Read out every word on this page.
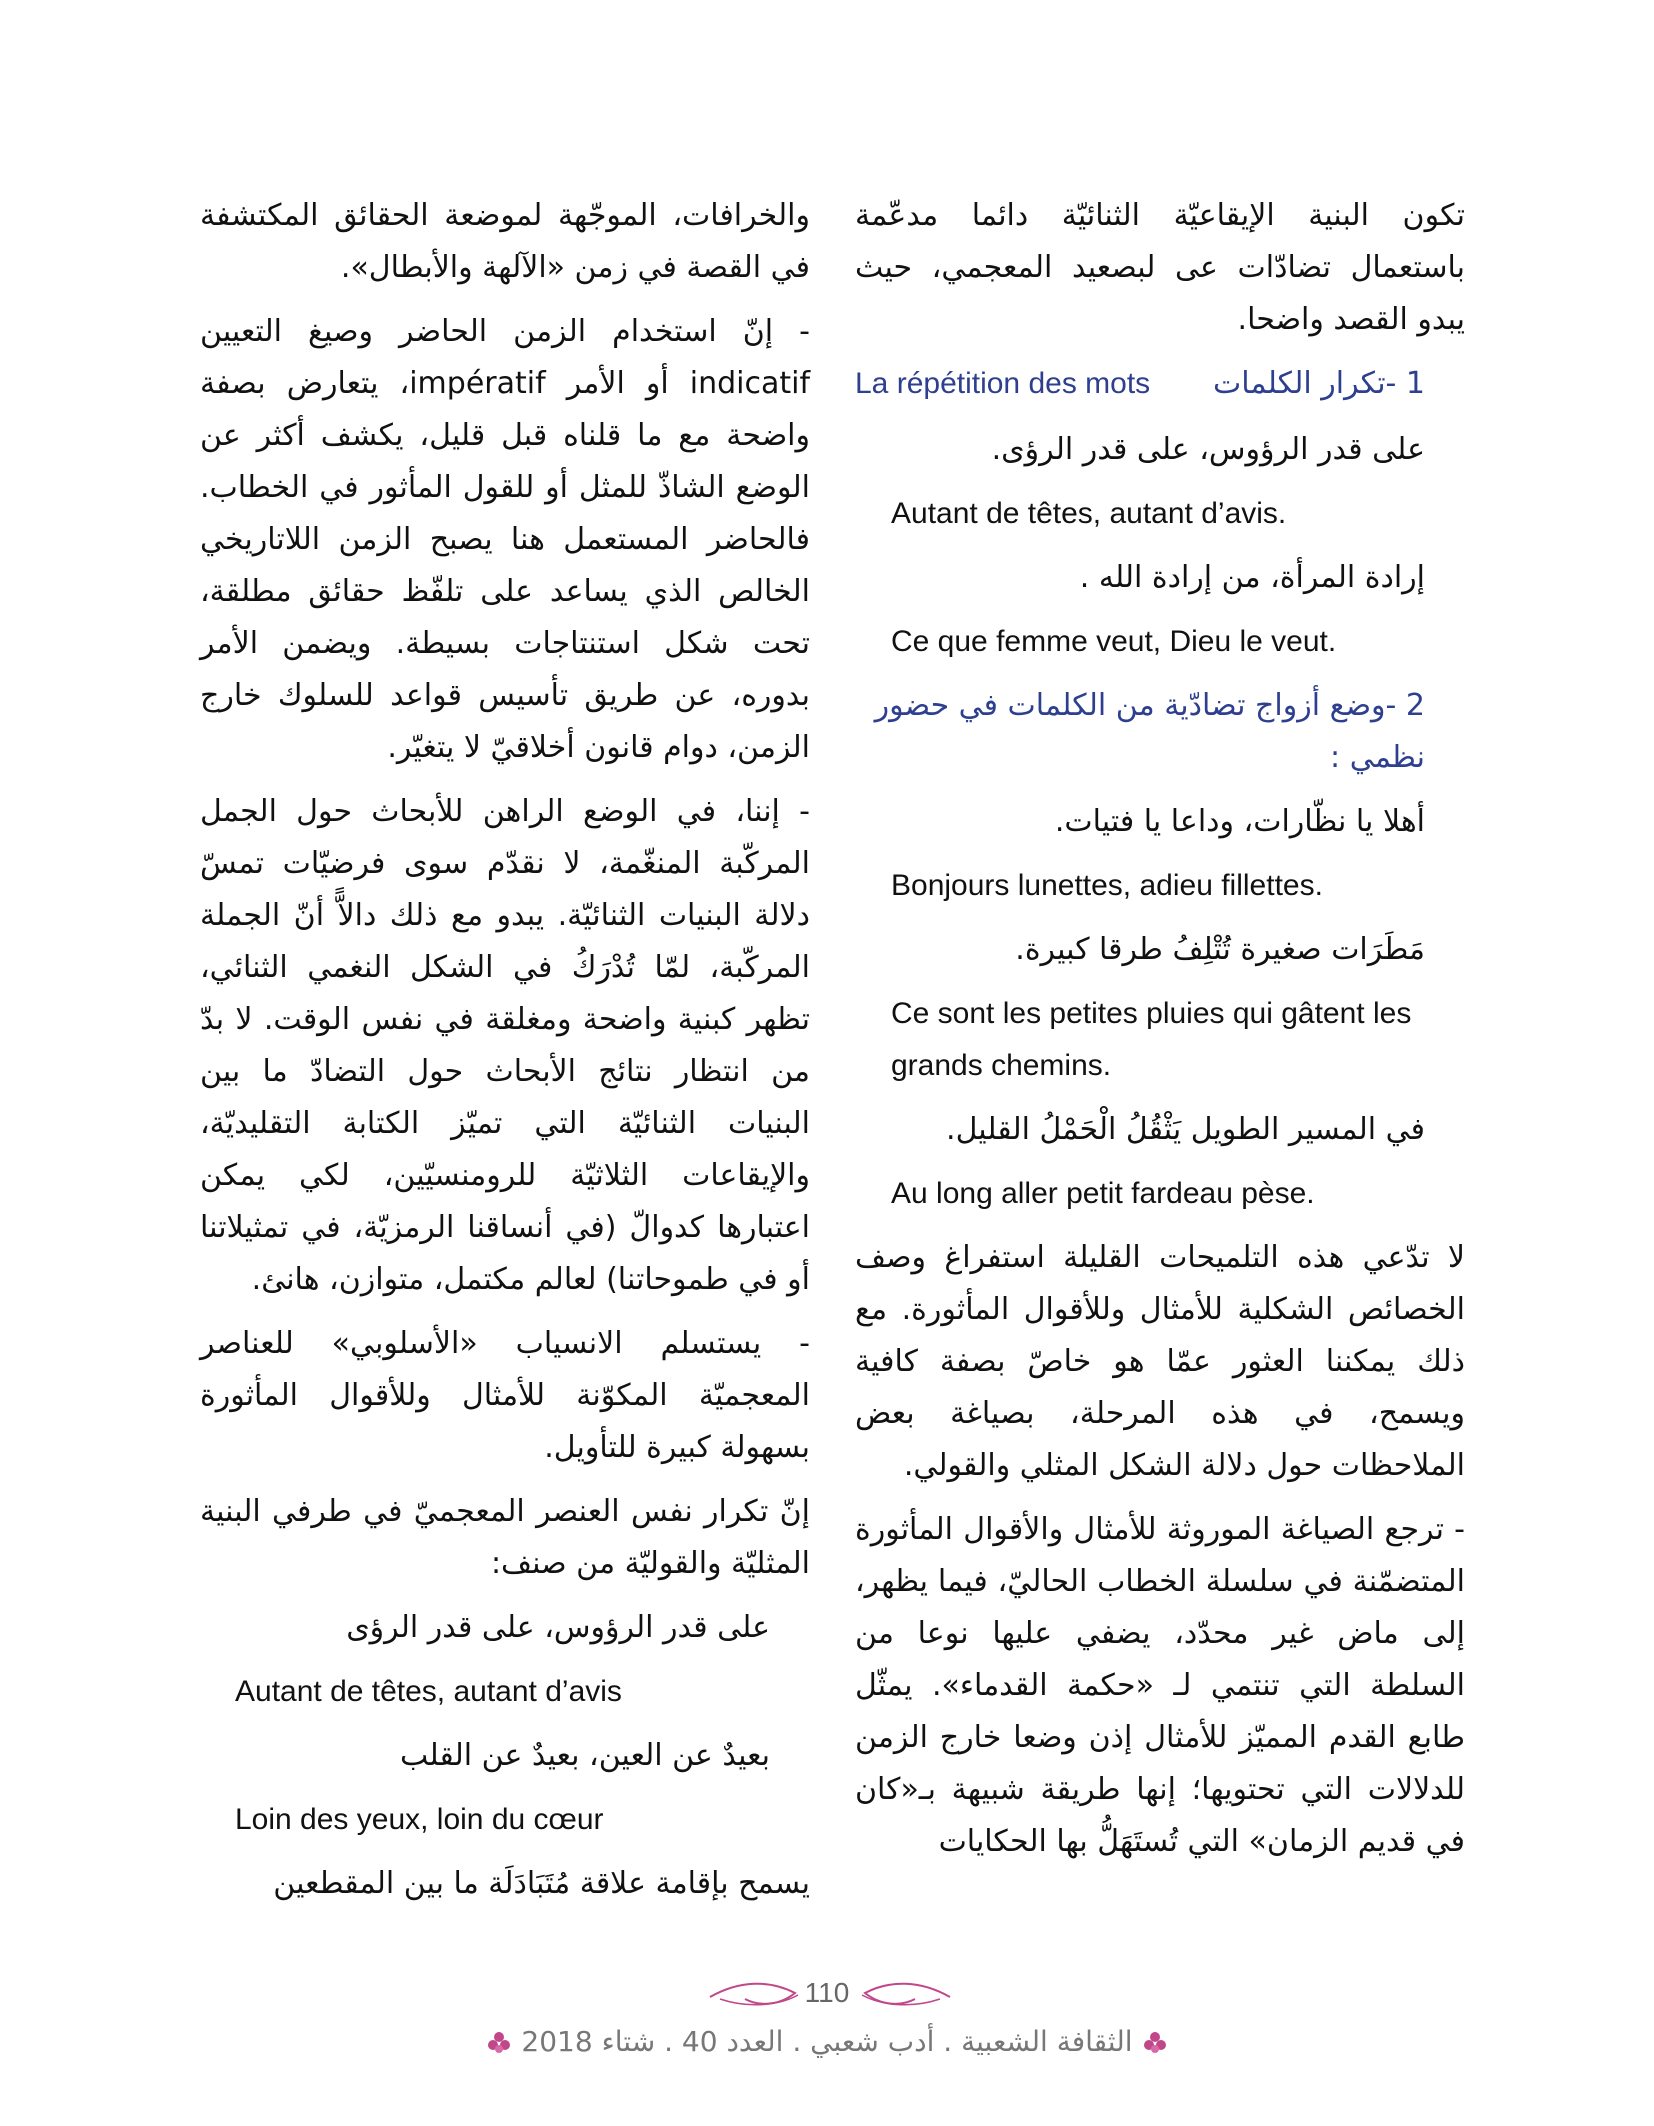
تكون البنية الإيقاعيّة الثنائيّة دائما مدعّمة باستعمال تضادّات عى لبصعيد المعجمي، حيث يبدو القصد واضحا.

1 -تكرار الكلمات
La répétition des mots

على قدر الرؤوس، على قدر الرؤى.

Autant de têtes, autant d’avis.

إرادة المرأة، من إرادة الله .

Ce que femme veut, Dieu le veut.

2 -وضع أزواج تضادّية من الكلمات في حضور نظمي :

أهلا يا نظّارات، وداعا يا فتيات.

Bonjours lunettes, adieu fillettes.

مَطَرَات صغيرة تُتْلِفُ طرقا كبيرة.

Ce sont les petites pluies qui gâtent les grands chemins.

في المسير الطويل يَثْقُلُ الْحَمْلُ القليل.

Au long aller petit fardeau pèse.

لا تدّعي هذه التلميحات القليلة استفراغ وصف الخصائص الشكلية للأمثال وللأقوال المأثورة. مع ذلك يمكننا العثور عمّا هو خاصّ بصفة كافية ويسمح، في هذه المرحلة، بصياغة بعض الملاحظات حول دلالة الشكل المثلي والقولي.

- ترجع الصياغة الموروثة للأمثال والأقوال المأثورة المتضمّنة في سلسلة الخطاب الحاليّ، فيما يظهر، إلى ماض غير محدّد، يضفي عليها نوعا من السلطة التي تنتمي لـ «حكمة القدماء». يمثّل طابع القدم المميّز للأمثال إذن وضعا خارج الزمن للدلالات التي تحتويها؛ إنها طريقة شبيهة بـ«كان في قديم الزمان» التي تُستَهَلُّ بها الحكايات

والخرافات، الموجّهة لموضعة الحقائق المكتشفة في القصة في زمن «الآلهة والأبطال».

- إنّ استخدام الزمن الحاضر وصيغ التعيين indicatif أو الأمر impératif، يتعارض بصفة واضحة مع ما قلناه قبل قليل، يكشف أكثر عن الوضع الشاذّ للمثل أو للقول المأثور في الخطاب. فالحاضر المستعمل هنا يصبح الزمن اللاتاريخي الخالص الذي يساعد على تلفّظ حقائق مطلقة، تحت شكل استنتاجات بسيطة. ويضمن الأمر بدوره، عن طريق تأسيس قواعد للسلوك خارج الزمن، دوام قانون أخلاقيّ لا يتغيّر.

- إننا، في الوضع الراهن للأبحاث حول الجمل المركّبة المنغّمة، لا نقدّم سوى فرضيّات تمسّ دلالة البنيات الثنائيّة. يبدو مع ذلك دالاًّ أنّ الجملة المركّبة، لمّا تُدْرَكُ في الشكل النغمي الثنائي، تظهر كبنية واضحة ومغلقة في نفس الوقت. لا بدّ من انتظار نتائج الأبحاث حول التضادّ ما بين البنيات الثنائيّة التي تميّز الكتابة التقليديّة، والإيقاعات الثلاثيّة للرومنسيّين، لكي يمكن اعتبارها كدوالّ (في أنساقنا الرمزيّة، في تمثيلاتنا أو في طموحاتنا) لعالم مكتمل، متوازن، هانئ.

- يستسلم الانسياب «الأسلوبي» للعناصر المعجميّة المكوّنة للأمثال وللأقوال المأثورة بسهولة كبيرة للتأويل.

إنّ تكرار نفس العنصر المعجميّ في طرفي البنية المثليّة والقوليّة من صنف:

على قدر الرؤوس، على قدر الرؤى

Autant de têtes, autant d’avis

بعيدٌ عن العين، بعيدٌ عن القلب

Loin des yeux, loin du cœur

يسمح بإقامة علاقة مُتَبَادَلَة ما بين المقطعين

110
الثقافة الشعبية . أدب شعبي . العدد 40 . شتاء 2018
